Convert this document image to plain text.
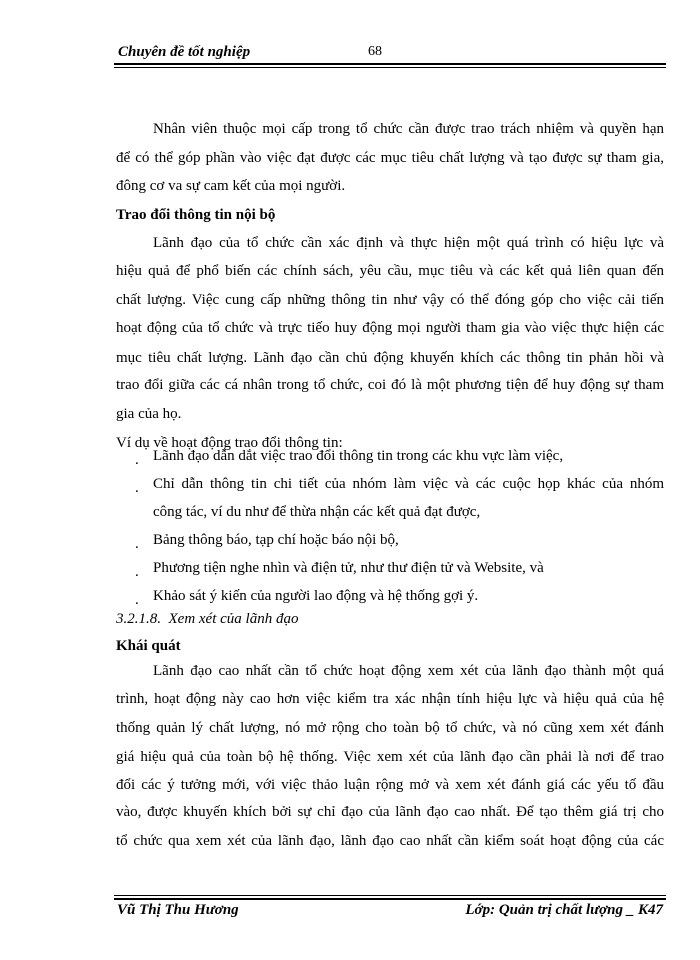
Chuyên đề tốt nghiệp	68
Nhân viên thuộc mọi cấp trong tổ chức cần được trao trách nhiệm và quyền hạn
để có thể góp phần vào việc đạt được các mục tiêu chất lượng và tạo được sự tham gia,
đông cơ va sự cam kết của mọi người.
Trao đổi thông tin nội bộ
Lãnh đạo của tổ chức cần xác định và thực hiện một quá trình có hiệu lực và
hiệu quả để phổ biến các chính sách, yêu cầu, mục tiêu và các kết quả liên quan đến
chất lượng. Việc cung cấp những thông tin như vậy có thể đóng góp cho việc cải tiến
hoạt động của tổ chức và trực tiếo huy động mọi người tham gia vào việc thực hiện các
mục tiêu chất lượng. Lãnh đạo cần chủ động khuyến khích các thông tin phản hồi và
trao đổi giữa các cá nhân trong tổ chức, coi đó là một phương tiện để huy động sự tham
gia của họ.
Ví dụ về hoạt động trao đổi thông tin:
. Lãnh đạo dẫn dắt việc trao đổi thông tin trong các khu vực làm việc,
. Chỉ dẫn thông tin chi tiết của nhóm làm việc và các cuộc họp khác của nhóm
công tác, ví du như để thừa nhận các kết quả đạt được,
. Bảng thông báo, tạp chí hoặc báo nội bộ,
. Phương tiện nghe nhìn và điện tử, như thư điện tử và Website, và
. Khảo sát ý kiến của người lao động và hệ thống gợi ý.
3.2.1.8. Xem xét của lãnh đạo
Khái quát
Lãnh đạo cao nhất cần tổ chức hoạt động xem xét của lãnh đạo thành một quá
trình, hoạt động này cao hơn việc kiểm tra xác nhận tính hiệu lực và hiệu quả của hệ
thống quản lý chất lượng, nó mở rộng cho toàn bộ tổ chức, và nó cũng xem xét đánh
giá hiệu quả của toàn bộ hệ thống. Việc xem xét của lãnh đạo cần phải là nơi để trao
đổi các ý tưởng mới, với việc thảo luận rộng mở và xem xét đánh giá các yếu tố đầu
vào, được khuyến khích bởi sự chỉ đạo của lãnh đạo cao nhất. Để tạo thêm giá trị cho
tổ chức qua xem xét của lãnh đạo, lãnh đạo cao nhất cần kiểm soát hoạt động của các
Vũ Thị Thu Hương	Lớp: Quản trị chất lượng _ K47
